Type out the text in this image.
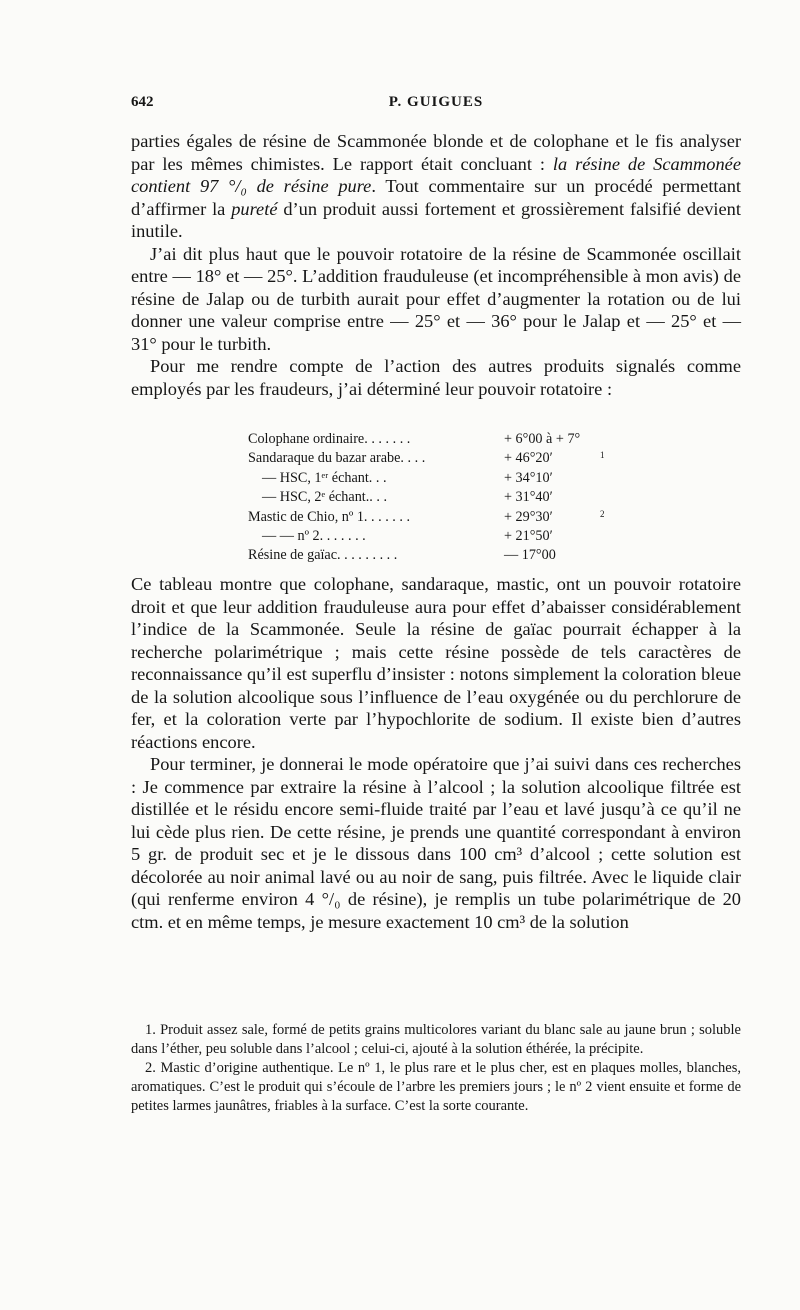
642	P. GUIGUES

parties égales de résine de Scammonée blonde et de colophane et le fis analyser par les mêmes chimistes. Le rapport était concluant : la résine de Scammonée contient 97 °/₀ de résine pure. Tout commentaire sur un procédé permettant d’affirmer la pureté d’un produit aussi fortement et grossièrement falsifié devient inutile.

J’ai dit plus haut que le pouvoir rotatoire de la résine de Scammonée oscillait entre — 18° et — 25°. L’addition frauduleuse (et incompréhensible à mon avis) de résine de Jalap ou de turbith aurait pour effet d’augmenter la rotation ou de lui donner une valeur comprise entre — 25° et — 36° pour le Jalap et — 25° et — 31° pour le turbith.

Pour me rendre compte de l’action des autres produits signalés comme employés par les fraudeurs, j’ai déterminé leur pouvoir rotatoire :

Colophane ordinaire. . . . . . .	+ 6°00 à + 7°
Sandaraque du bazar arabe. . . .	+ 46°20′	1
— HSC, 1ᵉʳ échant. . .	+ 34°10′
— HSC, 2ᵉ échant.. . .	+ 31°40′
Mastic de Chio, nº 1. . . . . . .	+ 29°30′	2
— — nº 2. . . . . . .	+ 21°50′
Résine de gaïac. . . . . . . . .	— 17°00

Ce tableau montre que colophane, sandaraque, mastic, ont un pouvoir rotatoire droit et que leur addition frauduleuse aura pour effet d’abaisser considérablement l’indice de la Scammonée. Seule la résine de gaïac pourrait échapper à la recherche polarimétrique ; mais cette résine possède de tels caractères de reconnaissance qu’il est superflu d’insister : notons simplement la coloration bleue de la solution alcoolique sous l’influence de l’eau oxygénée ou du perchlorure de fer, et la coloration verte par l’hypochlorite de sodium. Il existe bien d’autres réactions encore.

Pour terminer, je donnerai le mode opératoire que j’ai suivi dans ces recherches : Je commence par extraire la résine à l’alcool ; la solution alcoolique filtrée est distillée et le résidu encore semi-fluide traité par l’eau et lavé jusqu’à ce qu’il ne lui cède plus rien. De cette résine, je prends une quantité correspondant à environ 5 gr. de produit sec et je le dissous dans 100 cm³ d’alcool ; cette solution est décolorée au noir animal lavé ou au noir de sang, puis filtrée. Avec le liquide clair (qui renferme environ 4 °/₀ de résine), je remplis un tube polarimétrique de 20 ctm. et en même temps, je mesure exactement 10 cm³ de la solution

1. Produit assez sale, formé de petits grains multicolores variant du blanc sale au jaune brun ; soluble dans l’éther, peu soluble dans l’alcool ; celui-ci, ajouté à la solution éthérée, la précipite.

2. Mastic d’origine authentique. Le nº 1, le plus rare et le plus cher, est en plaques molles, blanches, aromatiques. C’est le produit qui s’écoule de l’arbre les premiers jours ; le nº 2 vient ensuite et forme de petites larmes jaunâtres, friables à la surface. C’est la sorte courante.
